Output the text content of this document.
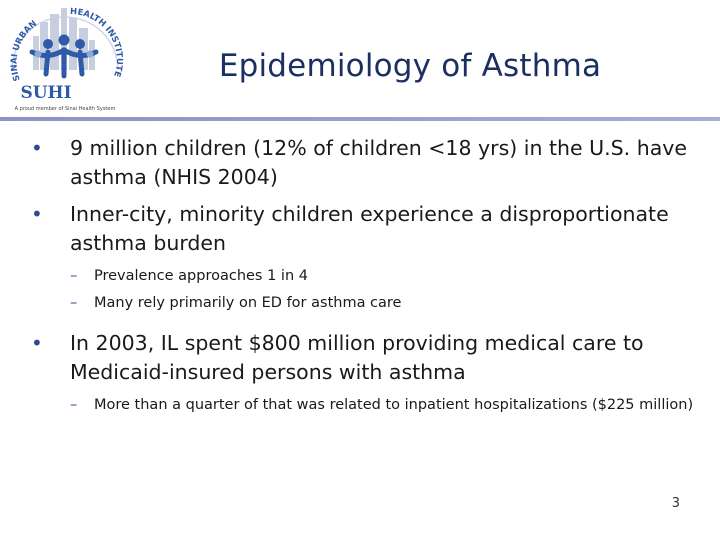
SINAI URBAN
HEALTH INSTITUTE
SUHI
A proud member of Sinai Health System
Epidemiology of Asthma
• 9 million children (12% of children <18 yrs) in the U.S. have asthma (NHIS 2004)
• Inner-city, minority children experience a disproportionate asthma burden
– Prevalence approaches 1 in 4
– Many rely primarily on ED for asthma care
• In 2003, IL spent $800 million providing medical care to Medicaid-insured persons with asthma
– More than a quarter of that was related to inpatient hospitalizations ($225 million)
3
